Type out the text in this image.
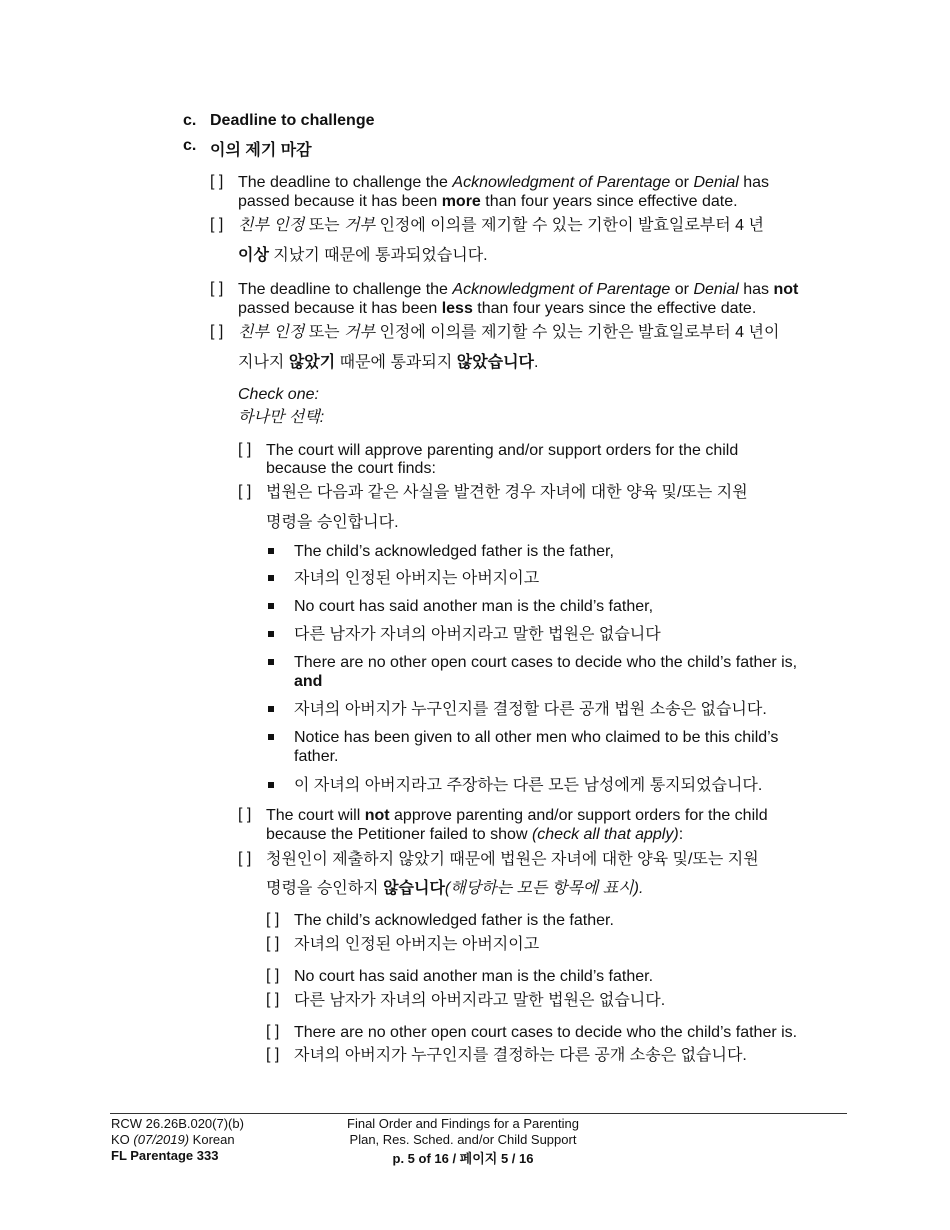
c. Deadline to challenge
c. 이의 제기 마감
[ ] The deadline to challenge the Acknowledgment of Parentage or Denial has
passed because it has been more than four years since effective date.
[ ] 친부 인정 또는 거부 인정에 이의를 제기할 수 있는 기한이 발효일로부터 4 년
이상 지났기 때문에 통과되었습니다.
[ ] The deadline to challenge the Acknowledgment of Parentage or Denial has not
passed because it has been less than four years since the effective date.
[ ] 친부 인정 또는 거부 인정에 이의를 제기할 수 있는 기한은 발효일로부터 4 년이
지나지 않았기 때문에 통과되지 않았습니다.
Check one:
하나만 선택:
[ ] The court will approve parenting and/or support orders for the child
because the court finds:
[ ] 법원은 다음과 같은 사실을 발견한 경우 자녀에 대한 양육 및/또는 지원
명령을 승인합니다.
The child’s acknowledged father is the father,
자녀의 인정된 아버지는 아버지이고
No court has said another man is the child’s father,
다른 남자가 자녀의 아버지라고 말한 법원은 없습니다
There are no other open court cases to decide who the child’s father is,
and
자녀의 아버지가 누구인지를 결정할 다른 공개 법원 소송은 없습니다.
Notice has been given to all other men who claimed to be this child’s
father.
이 자녀의 아버지라고 주장하는 다른 모든 남성에게 통지되었습니다.
[ ] The court will not approve parenting and/or support orders for the child
because the Petitioner failed to show (check all that apply):
[ ] 청원인이 제출하지 않았기 때문에 법원은 자녀에 대한 양육 및/또는 지원
명령을 승인하지 않습니다(해당하는 모든 항목에 표시).
[ ] The child’s acknowledged father is the father.
[ ] 자녀의 인정된 아버지는 아버지이고
[ ] No court has said another man is the child’s father.
[ ] 다른 남자가 자녀의 아버지라고 말한 법원은 없습니다.
[ ] There are no other open court cases to decide who the child’s father is.
[ ] 자녀의 아버지가 누구인지를 결정하는 다른 공개 소송은 없습니다.
RCW 26.26B.020(7)(b)
KO (07/2019) Korean
FL Parentage 333
Final Order and Findings for a Parenting
Plan, Res. Sched. and/or Child Support
p. 5 of 16 / 페이지 5 / 16
